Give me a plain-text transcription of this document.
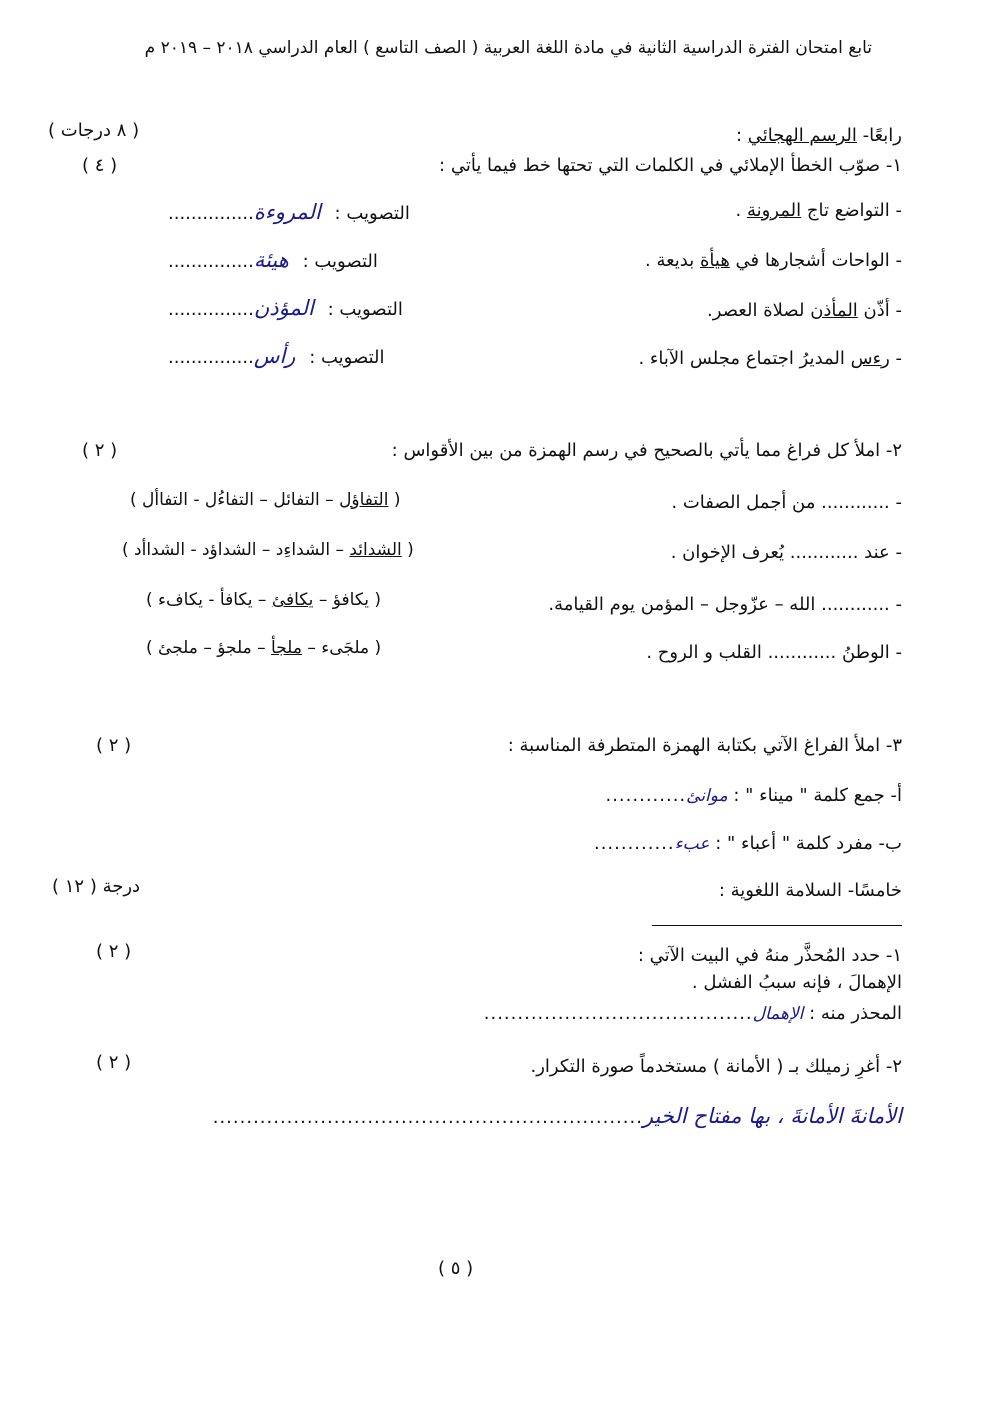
تابع امتحان الفترة الدراسية الثانية في مادة اللغة العربية ( الصف التاسع ) العام الدراسي ٢٠١٨ – ٢٠١٩ م
رابعًا- الرسم الهجائي :
( ٨ درجات )
١- صوّب الخطأ الإملائي في الكلمات التي تحتها خط فيما يأتي :
( ٤ )
- التواضع تاج المرونة .
...............المروءة التصويب :
- الواحات أشجارها في هيأة بديعة .
...............هيئة التصويب :
- أذّن المأذن لصلاة العصر.
...............المؤذن التصويب :
- رءس المديرُ اجتماع مجلس الآباء .
...............رأس التصويب :
٢- املأ كل فراغ مما يأتي بالصحيح في رسم الهمزة من بين الأقواس :
( ٢ )
- ............ من أجمل الصفات .
( التفاؤل – التفائل – التفاءُل - التفاأل )
- عند ............ يُعرف الإخوان .
( الشدائد – الشداءِد – الشداؤد - الشداأد )
- ............ الله – عزّوجل – المؤمن يوم القيامة.
( يكافؤ – يكافئ – يكافأ - يكافء )
- الوطنُ ............ القلب و الروح .
( ملجَىء – ملجأ – ملجؤ – ملجئ )
٣- املأ الفراغ الآتي بكتابة الهمزة المتطرفة المناسبة :
( ٢ )
............ أ- جمع كلمة " ميناء " : موانئ
............ ب- مفرد كلمة " أعباء " : عبء
خامسًا- السلامة اللغوية :
( ١٢ ) درجة
١- حدد المُحذَّر منهُ في البيت الآتي :
( ٢ )
الإهمالَ ، فإنه سببُ الفشل .
........................................	المحذر منه : الإهمال
٢- أغرِ زميلك بـ ( الأمانة ) مستخدماً صورة التكرار.
( ٢ )
................................................................الأمانةَ الأمانةَ ، بها مفتاح الخير
( ٥ )
